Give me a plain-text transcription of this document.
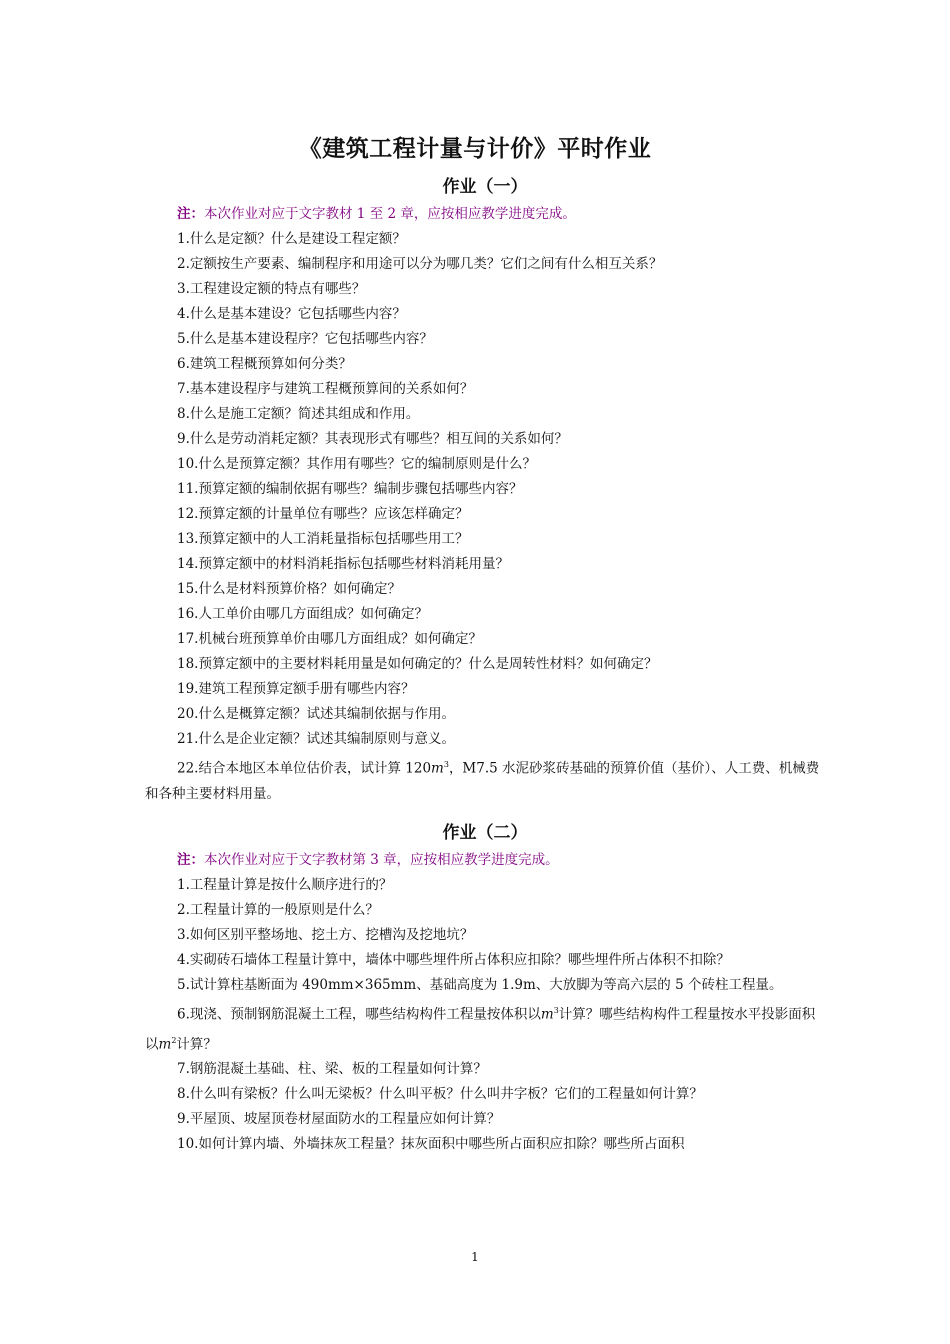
《建筑工程计量与计价》平时作业
作业（一）

注：本次作业对应于文字教材 1 至 2 章，应按相应教学进度完成。

1.什么是定额？什么是建设工程定额？
2.定额按生产要素、编制程序和用途可以分为哪几类？它们之间有什么相互关系？
3.工程建设定额的特点有哪些？
4.什么是基本建设？它包括哪些内容？
5.什么是基本建设程序？它包括哪些内容？
6.建筑工程概预算如何分类？
7.基本建设程序与建筑工程概预算间的关系如何？
8.什么是施工定额？简述其组成和作用。
9.什么是劳动消耗定额？其表现形式有哪些？相互间的关系如何？
10.什么是预算定额？其作用有哪些？它的编制原则是什么？
11.预算定额的编制依据有哪些？编制步骤包括哪些内容？
12.预算定额的计量单位有哪些？应该怎样确定？
13.预算定额中的人工消耗量指标包括哪些用工？
14.预算定额中的材料消耗指标包括哪些材料消耗用量？
15.什么是材料预算价格？如何确定？
16.人工单价由哪几方面组成？如何确定？
17.机械台班预算单价由哪几方面组成？如何确定？
18.预算定额中的主要材料耗用量是如何确定的？什么是周转性材料？如何确定？
19.建筑工程预算定额手册有哪些内容？
20.什么是概算定额？试述其编制依据与作用。
21.什么是企业定额？试述其编制原则与意义。
22.结合本地区本单位估价表，试计算 $120m^3$，M7.5 水泥砂浆砖基础的预算价值（基价）、人工费、机械费和各种主要材料用量。
作业（二）

注：本次作业对应于文字教材第 3 章，应按相应教学进度完成。

1.工程量计算是按什么顺序进行的？
2.工程量计算的一般原则是什么？
3.如何区别平整场地、挖土方、挖槽沟及挖地坑？
4.实砌砖石墙体工程量计算中，墙体中哪些埋件所占体积应扣除？哪些埋件所占体积不扣除？
5.试计算柱基断面为 490mm×365mm、基础高度为 1.9m、大放脚为等高六层的 5 个砖柱工程量。
6.现浇、预制钢筋混凝土工程，哪些结构构件工程量按体积以$m^3$计算？哪些结构构件工程量按水平投影面积以$m^2$计算？
7.钢筋混凝土基础、柱、梁、板的工程量如何计算？
8.什么叫有梁板？什么叫无梁板？什么叫平板？什么叫井字板？它们的工程量如何计算？
9.平屋顶、坡屋顶卷材屋面防水的工程量应如何计算？
10.如何计算内墙、外墙抹灰工程量？抹灰面积中哪些所占面积应扣除？哪些所占面积
1
